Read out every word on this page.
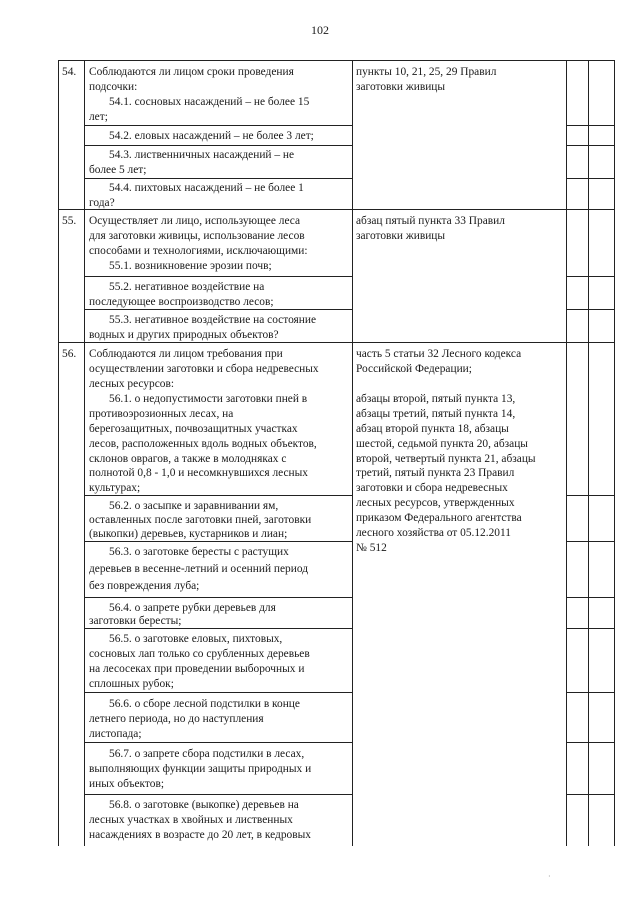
102
54. Соблюдаются ли лицом сроки проведения
подсочки:
54.1. сосновых насаждений – не более 15
лет;
54.2. еловых насаждений – не более 3 лет;
54.3. лиственничных насаждений – не
более 5 лет;
54.4. пихтовых насаждений – не более 1
года?
пункты 10, 21, 25, 29 Правил
заготовки живицы
55. Осуществляет ли лицо, использующее леса
для заготовки живицы, использование лесов
способами и технологиями, исключающими:
55.1. возникновение эрозии почв;
55.2. негативное воздействие на
последующее воспроизводство лесов;
55.3. негативное воздействие на состояние
водных и других природных объектов?
абзац пятый пункта 33 Правил
заготовки живицы
56. Соблюдаются ли лицом требования при
осуществлении заготовки и сбора недревесных
лесных ресурсов:
56.1. о недопустимости заготовки пней в
противоэрозионных лесах, на
берегозащитных, почвозащитных участках
лесов, расположенных вдоль водных объектов,
склонов оврагов, а также в молодняках с
полнотой 0,8 - 1,0 и несомкнувшихся лесных
культурах;
56.2. о засыпке и заравнивании ям,
оставленных после заготовки пней, заготовки
(выкопки) деревьев, кустарников и лиан;
56.3. о заготовке бересты с растущих
деревьев в весенне-летний и осенний период
без повреждения луба;
56.4. о запрете рубки деревьев для
заготовки бересты;
56.5. о заготовке еловых, пихтовых,
сосновых лап только со срубленных деревьев
на лесосеках при проведении выборочных и
сплошных рубок;
56.6. о сборе лесной подстилки в конце
летнего периода, но до наступления
листопада;
56.7. о запрете сбора подстилки в лесах,
выполняющих функции защиты природных и
иных объектов;
56.8. о заготовке (выкопке) деревьев на
лесных участках в хвойных и лиственных
насаждениях в возрасте до 20 лет, в кедровых
часть 5 статьи 32 Лесного кодекса
Российской Федерации;
абзацы второй, пятый пункта 13,
абзацы третий, пятый пункта 14,
абзац второй пункта 18, абзацы
шестой, седьмой пункта 20, абзацы
второй, четвертый пункта 21, абзацы
третий, пятый пункта 23 Правил
заготовки и сбора недревесных
лесных ресурсов, утвержденных
приказом Федерального агентства
лесного хозяйства от 05.12.2011
№ 512
·
